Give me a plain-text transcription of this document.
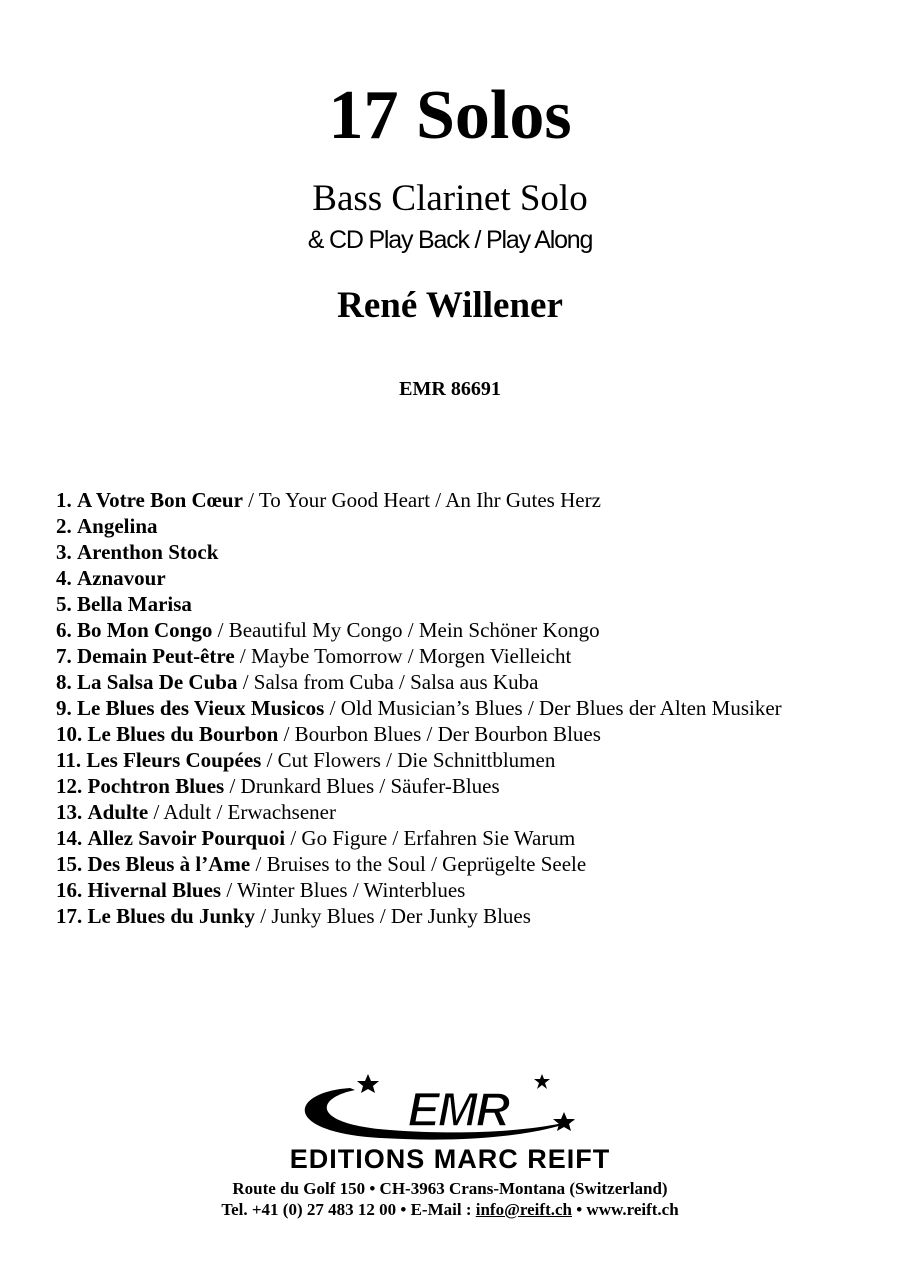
17 Solos
Bass Clarinet Solo
& CD Play Back / Play Along
René Willener
EMR 86691
1. A Votre Bon Cœur / To Your Good Heart / An Ihr Gutes Herz
2. Angelina
3. Arenthon Stock
4. Aznavour
5. Bella Marisa
6. Bo Mon Congo / Beautiful My Congo / Mein Schöner Kongo
7. Demain Peut-être / Maybe Tomorrow / Morgen Vielleicht
8. La Salsa De Cuba / Salsa from Cuba / Salsa aus Kuba
9. Le Blues des Vieux Musicos / Old Musician’s Blues / Der Blues der Alten Musiker
10. Le Blues du Bourbon / Bourbon Blues / Der Bourbon Blues
11. Les Fleurs Coupées / Cut Flowers / Die Schnittblumen
12. Pochtron Blues / Drunkard Blues / Säufer-Blues
13. Adulte / Adult / Erwachsener
14. Allez Savoir Pourquoi / Go Figure / Erfahren Sie Warum
15. Des Bleus à l’Ame / Bruises to the Soul / Geprügelte Seele
16. Hivernal Blues / Winter Blues / Winterblues
17. Le Blues du Junky / Junky Blues / Der Junky Blues
EMR
EDITIONS MARC REIFT
Route du Golf 150 • CH-3963 Crans-Montana (Switzerland)
Tel. +41 (0) 27 483 12 00 • E-Mail : info@reift.ch • www.reift.ch
